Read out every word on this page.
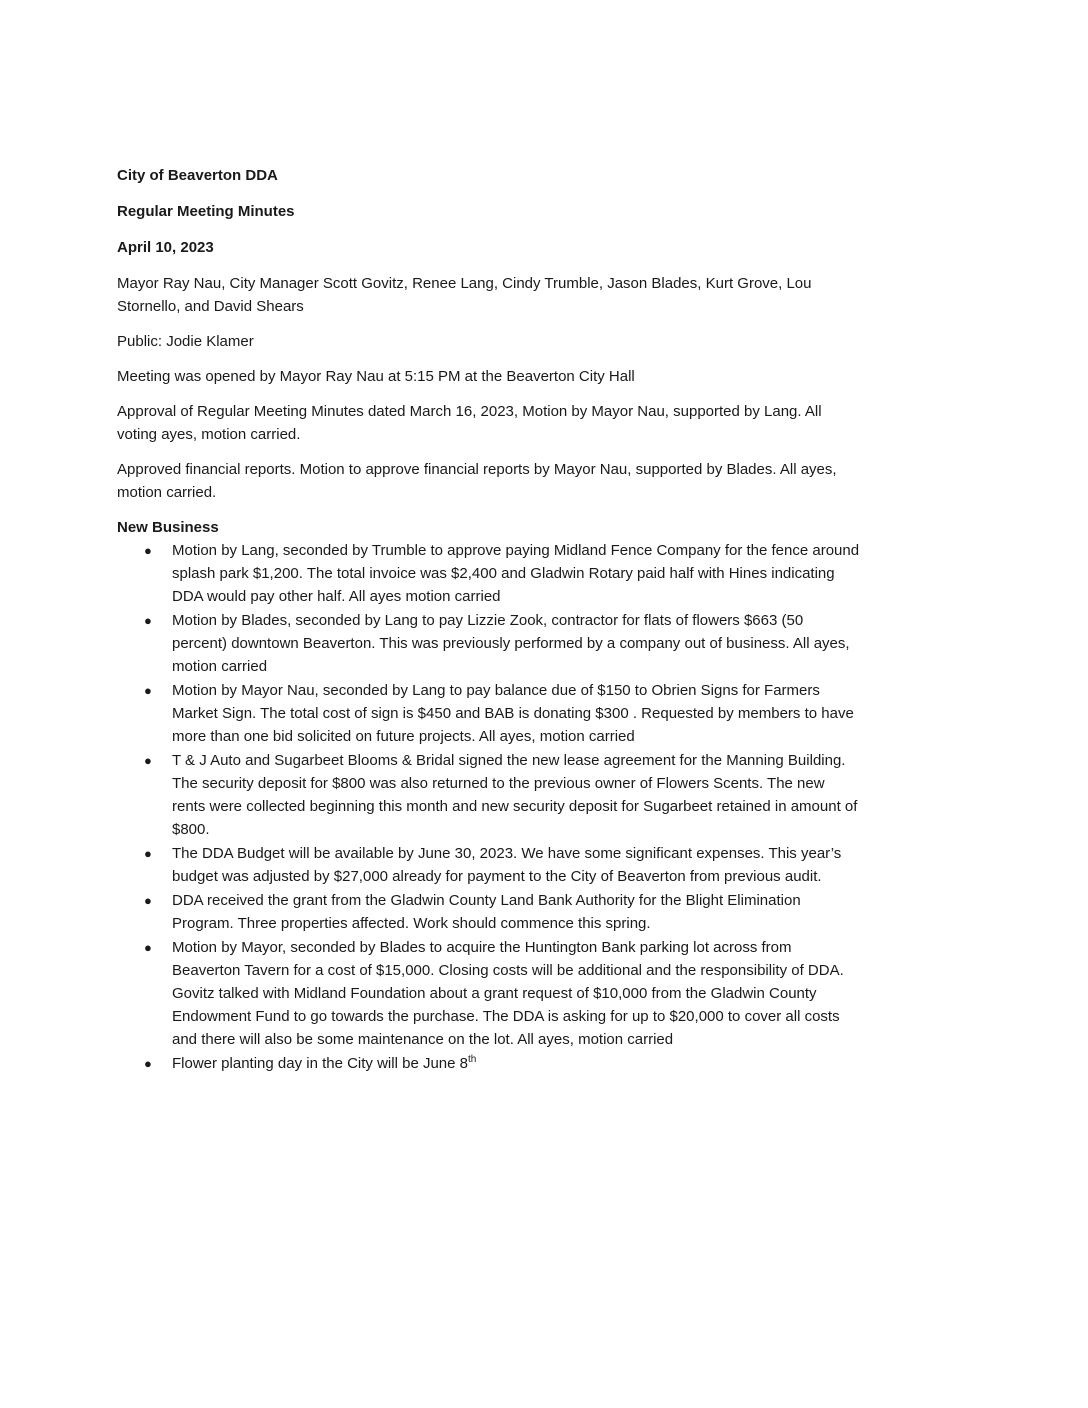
City of Beaverton DDA
Regular Meeting Minutes
April 10, 2023
Mayor Ray Nau, City Manager Scott Govitz, Renee Lang, Cindy Trumble, Jason Blades, Kurt Grove, Lou Stornello, and David Shears
Public: Jodie Klamer
Meeting was opened by Mayor Ray Nau at 5:15 PM at the Beaverton City Hall
Approval of Regular Meeting Minutes dated March 16, 2023, Motion by Mayor Nau, supported by Lang. All voting ayes, motion carried.
Approved financial reports. Motion to approve financial reports by Mayor Nau, supported by Blades. All ayes, motion carried.
New Business
● Motion by Lang, seconded by Trumble to approve paying Midland Fence Company for the fence around splash park $1,200. The total invoice was $2,400 and Gladwin Rotary paid half with Hines indicating DDA would pay other half. All ayes motion carried
● Motion by Blades, seconded by Lang to pay Lizzie Zook, contractor for flats of flowers $663 (50 percent) downtown Beaverton. This was previously performed by a company out of business. All ayes, motion carried
● Motion by Mayor Nau, seconded by Lang to pay balance due of $150 to Obrien Signs for Farmers Market Sign. The total cost of sign is $450 and BAB is donating $300 . Requested by members to have more than one bid solicited on future projects. All ayes, motion carried
● T & J Auto and Sugarbeet Blooms & Bridal signed the new lease agreement for the Manning Building. The security deposit for $800 was also returned to the previous owner of Flowers Scents. The new rents were collected beginning this month and new security deposit for Sugarbeet retained in amount of $800.
● The DDA Budget will be available by June 30, 2023. We have some significant expenses. This year’s budget was adjusted by $27,000 already for payment to the City of Beaverton from previous audit.
● DDA received the grant from the Gladwin County Land Bank Authority for the Blight Elimination Program. Three properties affected. Work should commence this spring.
● Motion by Mayor, seconded by Blades to acquire the Huntington Bank parking lot across from Beaverton Tavern for a cost of $15,000. Closing costs will be additional and the responsibility of DDA. Govitz talked with Midland Foundation about a grant request of $10,000 from the Gladwin County Endowment Fund to go towards the purchase. The DDA is asking for up to $20,000 to cover all costs and there will also be some maintenance on the lot. All ayes, motion carried
● Flower planting day in the City will be June 8th
